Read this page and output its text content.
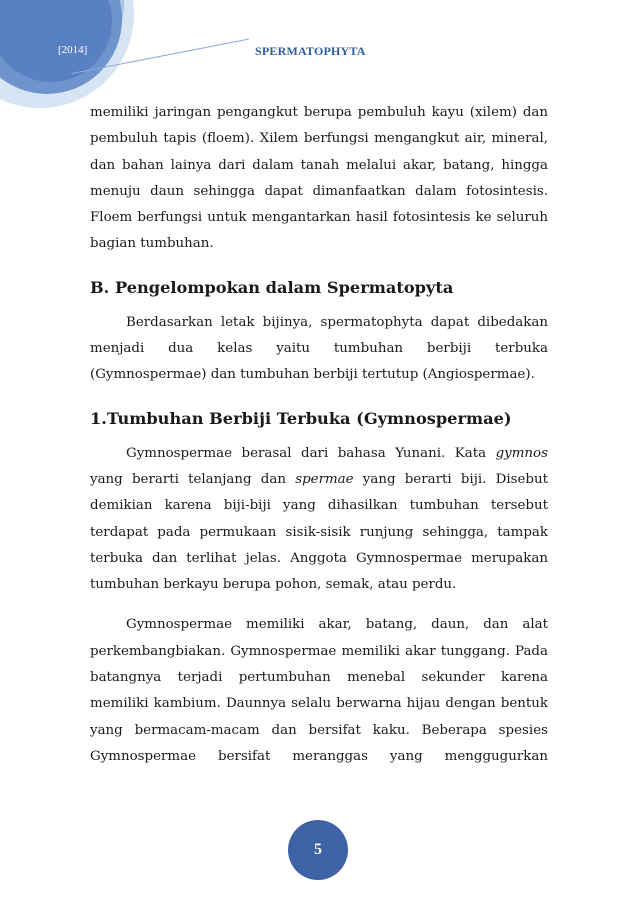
[2014]	SPERMATOPHYTA

memiliki jaringan pengangkut berupa pembuluh kayu (xilem) dan pembuluh tapis (floem). Xilem berfungsi mengangkut air, mineral, dan bahan lainya dari dalam tanah melalui akar, batang, hingga menuju daun sehingga dapat dimanfaatkan dalam fotosintesis. Floem berfungsi untuk mengantarkan hasil fotosintesis ke seluruh bagian tumbuhan.

B. Pengelompokan dalam Spermatopyta

Berdasarkan letak bijinya, spermatophyta dapat dibedakan menjadi dua kelas yaitu tumbuhan berbiji terbuka (Gymnospermae) dan tumbuhan berbiji tertutup (Angiospermae).

1.Tumbuhan Berbiji Terbuka (Gymnospermae)

Gymnospermae berasal dari bahasa Yunani. Kata gymnos yang berarti telanjang dan spermae yang berarti biji. Disebut demikian karena biji-biji yang dihasilkan tumbuhan tersebut terdapat pada permukaan sisik-sisik runjung sehingga, tampak terbuka dan terlihat jelas. Anggota Gymnospermae merupakan tumbuhan berkayu berupa pohon, semak, atau perdu.

Gymnospermae memiliki akar, batang, daun, dan alat perkembangbiakan. Gymnospermae memiliki akar tunggang. Pada batangnya terjadi pertumbuhan menebal sekunder karena memiliki kambium. Daunnya selalu berwarna hijau dengan bentuk yang bermacam-macam dan bersifat kaku. Beberapa spesies Gymnospermae bersifat meranggas yang menggugurkan

5
